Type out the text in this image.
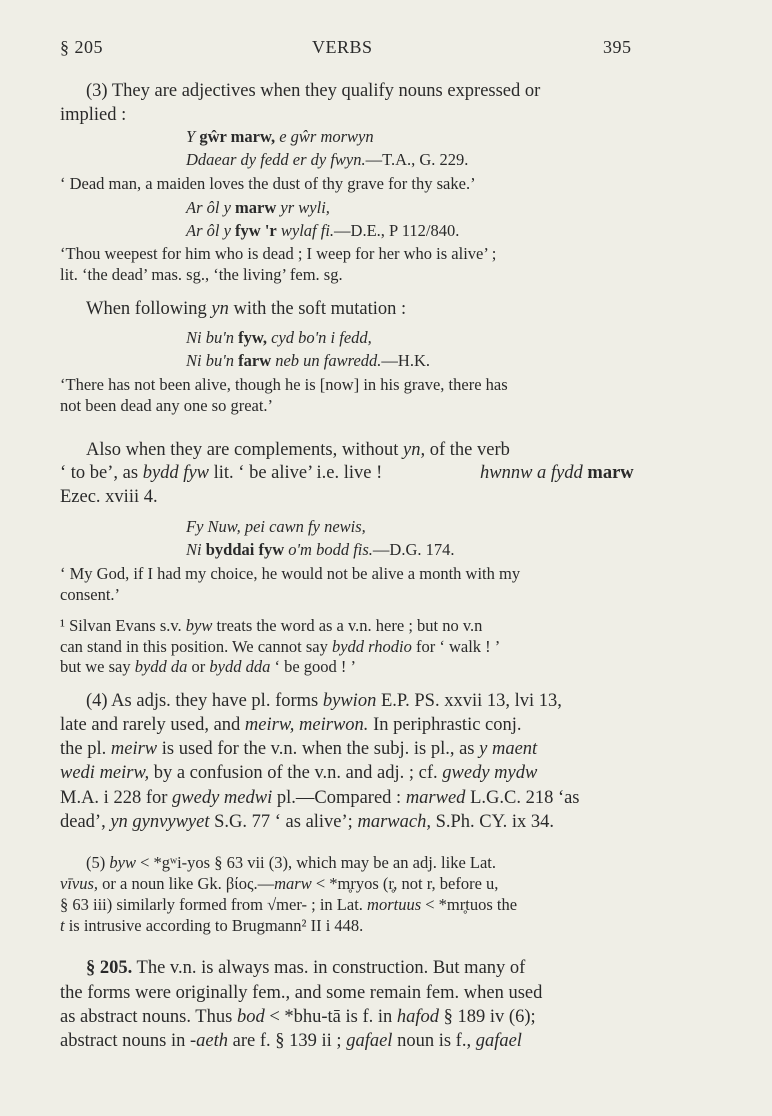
§ 205	VERBS	395
(3) They are adjectives when they qualify nouns expressed or
implied :
Y gŵr marw, e gŵr morwyn
Ddaear dy fedd er dy fwyn.—T.A., G. 229.
‘ Dead man, a maiden loves the dust of thy grave for thy sake.’
Ar ôl y marw yr wyli,
Ar ôl y fyw 'r wylaf fi.—D.E., P 112/840.
‘Thou weepest for him who is dead ; I weep for her who is alive’ ;
lit. ‘the dead’ mas. sg., ‘the living’ fem. sg.
When following yn with the soft mutation :
Ni bu'n fyw, cyd bo'n i fedd,
Ni bu'n farw neb un fawredd.—H.K.
‘There has not been alive, though he is [now] in his grave, there has
not been dead any one so great.’
Also when they are complements, without yn, of the verb
‘ to be’, as bydd fyw lit. ‘ be alive’ i.e. live !	hwnnw a fydd marw
Ezec. xviii 4.
Fy Nuw, pei cawn fy newis,
Ni byddai fyw o'm bodd fis.—D.G. 174.
‘ My God, if I had my choice, he would not be alive a month with my
consent.’
¹ Silvan Evans s.v. byw treats the word as a v.n. here ; but no v.n
can stand in this position. We cannot say bydd rhodio for ‘ walk ! ’
but we say bydd da or bydd dda ‘ be good ! ’
(4) As adjs. they have pl. forms bywion E.P. PS. xxvii 13, lvi 13,
late and rarely used, and meirw, meirwon. In periphrastic conj.
the pl. meirw is used for the v.n. when the subj. is pl., as y maent
wedi meirw, by a confusion of the v.n. and adj. ; cf. gwedy mydw
M.A. i 228 for gwedy medwi pl.—Compared : marwed L.G.C. 218 ‘as
dead’, yn gynvywyet S.G. 77 ‘ as alive’; marwach, S.Ph. CY. ix 34.
(5) byw < *gʷi-yos § 63 vii (3), which may be an adj. like Lat.
vīvus, or a noun like Gk. βίος.—marw < *m̥ryos (r̥, not r, before u,
§ 63 iii) similarly formed from √mer- ; in Lat. mortuus < *mr̥tuos the
t is intrusive according to Brugmann² II i 448.
§ 205. The v.n. is always mas. in construction. But many of
the forms were originally fem., and some remain fem. when used
as abstract nouns. Thus bod < *bhu-tā is f. in hafod § 189 iv (6);
abstract nouns in -aeth are f. § 139 ii ; gafael noun is f., gafael
